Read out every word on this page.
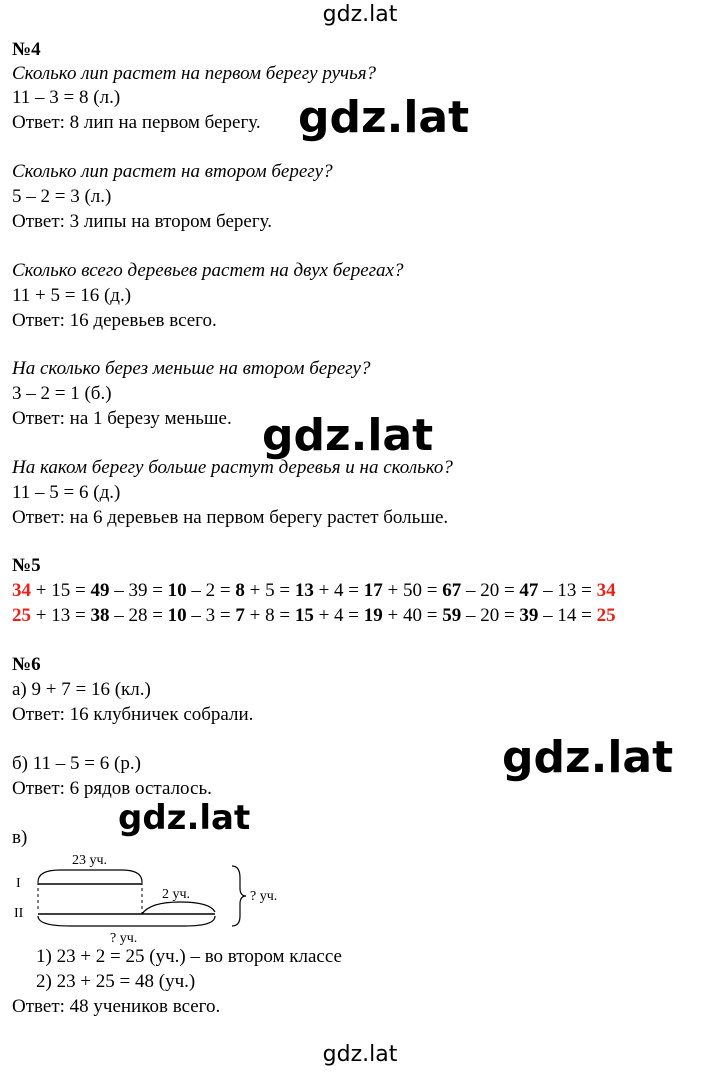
gdz.lat
№4
Сколько лип растет на первом берегу ручья?
11 – 3 = 8 (л.)
Ответ: 8 лип на первом берегу.
Сколько лип растет на втором берегу?
5 – 2 = 3 (л.)
Ответ: 3 липы на втором берегу.
Сколько всего деревьев растет на двух берегах?
11 + 5 = 16 (д.)
Ответ: 16 деревьев всего.
На сколько берез меньше на втором берегу?
3 – 2 = 1 (б.)
Ответ: на 1 березу меньше.
На каком берегу больше растут деревья и на сколько?
11 – 5 = 6 (д.)
Ответ: на 6 деревьев на первом берегу растет больше.
№5
34 + 15 = 49 – 39 = 10 – 2 = 8 + 5 = 13 + 4 = 17 + 50 = 67 – 20 = 47 – 13 = 34
25 + 13 = 38 – 28 = 10 – 3 = 7 + 8 = 15 + 4 = 19 + 40 = 59 – 20 = 39 – 14 = 25
№6
а) 9 + 7 = 16 (кл.)
Ответ: 16 клубничек собрали.
б) 11 – 5 = 6 (р.)
Ответ: 6 рядов осталось.
в)
I
II
23 уч.
2 уч.
? уч.
? уч.
1) 23 + 2 = 25 (уч.) – во втором классе
2) 23 + 25 = 48 (уч.)
Ответ: 48 учеников всего.
gdz.lat
gdz.lat
gdz.lat
gdz.lat
gdz.lat
